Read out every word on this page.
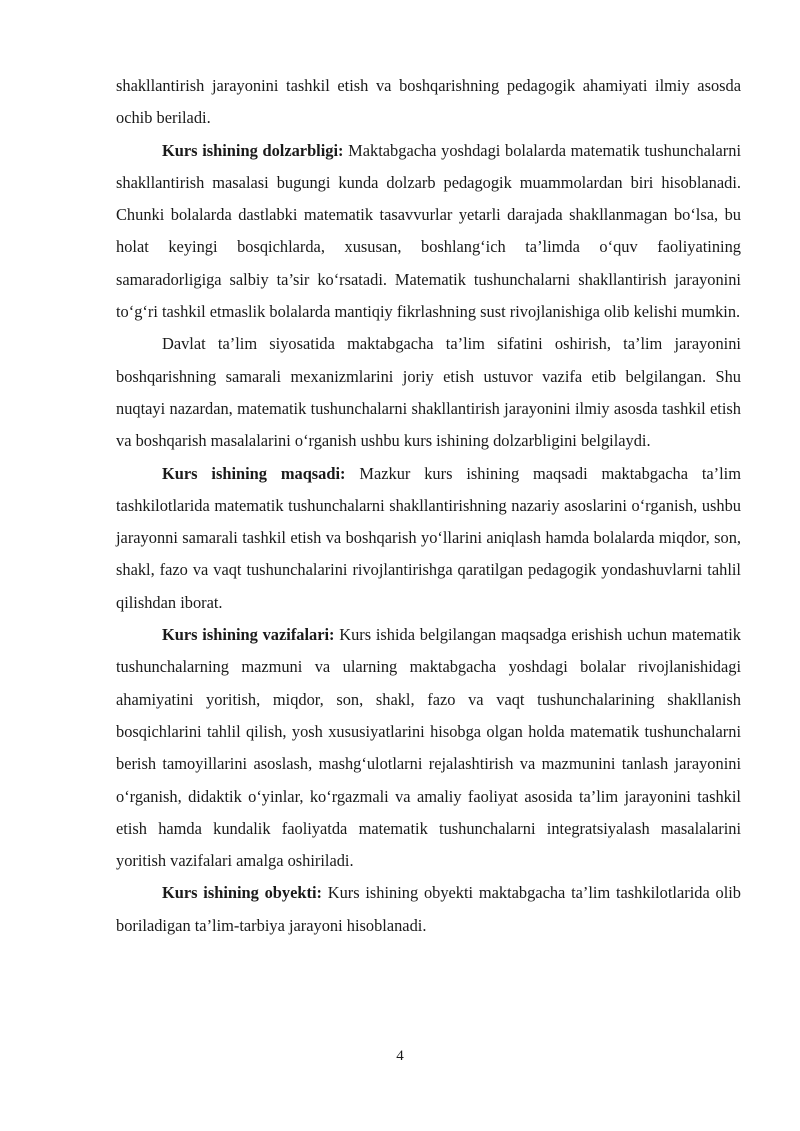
shakllantirish jarayonini tashkil etish va boshqarishning pedagogik ahamiyati ilmiy asosda ochib beriladi.

Kurs ishining dolzarbligi: Maktabgacha yoshdagi bolalarda matematik tushunchalarni shakllantirish masalasi bugungi kunda dolzarb pedagogik muammolardan biri hisoblanadi. Chunki bolalarda dastlabki matematik tasavvurlar yetarli darajada shakllanmagan bo‘lsa, bu holat keyingi bosqichlarda, xususan, boshlang‘ich ta’limda o‘quv faoliyatining samaradorligiga salbiy ta’sir ko‘rsatadi. Matematik tushunchalarni shakllantirish jarayonini to‘g‘ri tashkil etmaslik bolalarda mantiqiy fikrlashning sust rivojlanishiga olib kelishi mumkin.

Davlat ta’lim siyosatida maktabgacha ta’lim sifatini oshirish, ta’lim jarayonini boshqarishning samarali mexanizmlarini joriy etish ustuvor vazifa etib belgilangan. Shu nuqtayi nazardan, matematik tushunchalarni shakllantirish jarayonini ilmiy asosda tashkil etish va boshqarish masalalarini o‘rganish ushbu kurs ishining dolzarbligini belgilaydi.

Kurs ishining maqsadi: Mazkur kurs ishining maqsadi maktabgacha ta’lim tashkilotlarida matematik tushunchalarni shakllantirishning nazariy asoslarini o‘rganish, ushbu jarayonni samarali tashkil etish va boshqarish yo‘llarini aniqlash hamda bolalarda miqdor, son, shakl, fazo va vaqt tushunchalarini rivojlantirishga qaratilgan pedagogik yondashuvlarni tahlil qilishdan iborat.

Kurs ishining vazifalari: Kurs ishida belgilangan maqsadga erishish uchun matematik tushunchalarning mazmuni va ularning maktabgacha yoshdagi bolalar rivojlanishidagi ahamiyatini yoritish, miqdor, son, shakl, fazo va vaqt tushunchalarining shakllanish bosqichlarini tahlil qilish, yosh xususiyatlarini hisobga olgan holda matematik tushunchalarni berish tamoyillarini asoslash, mashg‘ulotlarni rejalashtirish va mazmunini tanlash jarayonini o‘rganish, didaktik o‘yinlar, ko‘rgazmali va amaliy faoliyat asosida ta’lim jarayonini tashkil etish hamda kundalik faoliyatda matematik tushunchalarni integratsiyalash masalalarini yoritish vazifalari amalga oshiriladi.

Kurs ishining obyekti: Kurs ishining obyekti maktabgacha ta’lim tashkilotlarida olib boriladigan ta’lim-tarbiya jarayoni hisoblanadi.

4
